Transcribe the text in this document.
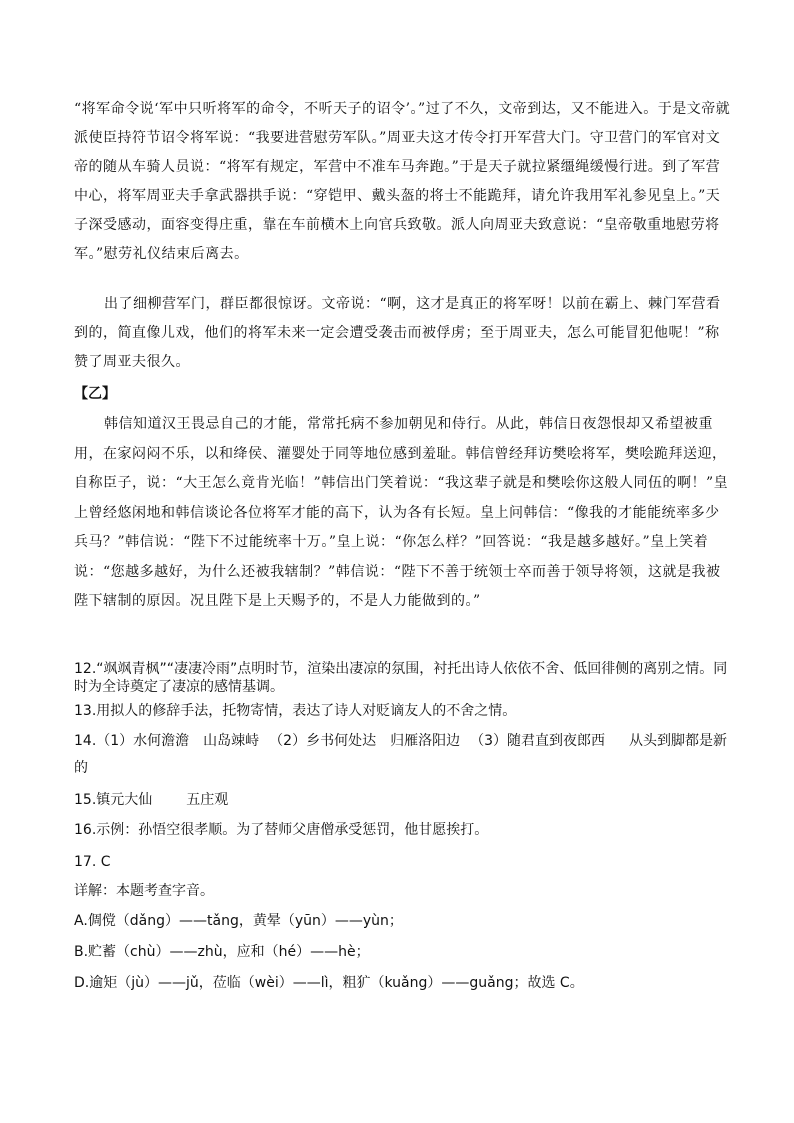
“将军命令说‘军中只听将军的命令，不听天子的诏令’。”过了不久，文帝到达，又不能进入。于是文帝就派使臣持符节诏令将军说：“我要进营慰劳军队。”周亚夫这才传令打开军营大门。守卫营门的军官对文帝的随从车骑人员说：“将军有规定，军营中不准车马奔跑。”于是天子就拉紧缰绳缓慢行进。到了军营中心，将军周亚夫手拿武器拱手说：“穿铠甲、戴头盔的将士不能跪拜，请允许我用军礼参见皇上。”天子深受感动，面容变得庄重，靠在车前横木上向官兵致敬。派人向周亚夫致意说：“皇帝敬重地慰劳将军。”慰劳礼仪结束后离去。

出了细柳营军门，群臣都很惊讶。文帝说：“啊，这才是真正的将军呀！以前在霸上、棘门军营看到的，简直像儿戏，他们的将军未来一定会遭受袭击而被俘虏；至于周亚夫，怎么可能冒犯他呢！”称赞了周亚夫很久。

【乙】

韩信知道汉王畏忌自己的才能，常常托病不参加朝见和侍行。从此，韩信日夜怨恨却又希望被重用，在家闷闷不乐，以和绛侯、灌婴处于同等地位感到羞耻。韩信曾经拜访樊哙将军，樊哙跪拜送迎，自称臣子，说：“大王怎么竟肯光临！”韩信出门笑着说：“我这辈子就是和樊哙你这般人同伍的啊！”皇上曾经悠闲地和韩信谈论各位将军才能的高下，认为各有长短。皇上问韩信：“像我的才能能统率多少兵马？”韩信说：“陛下不过能统率十万。”皇上说：“你怎么样？”回答说：“我是越多越好。”皇上笑着说：“您越多越好，为什么还被我辖制？”韩信说：“陛下不善于统领士卒而善于领导将领，这就是我被陛下辖制的原因。况且陛下是上天赐予的，不是人力能做到的。”

12.“飒飒青枫”“凄凄冷雨”点明时节，渲染出凄凉的氛围，衬托出诗人依依不舍、低回徘侧的离别之情。同时为全诗奠定了凄凉的感情基调。

13.用拟人的修辞手法，托物寄情，表达了诗人对贬谪友人的不舍之情。

14.（1）水何澹澹 山岛竦峙 （2）乡书何处达 归雁洛阳边 （3）随君直到夜郎西 从头到脚都是新的

15.镇元大仙 五庄观

16.示例：孙悟空很孝顺。为了替师父唐僧承受惩罚，他甘愿挨打。

17. C

详解：本题考查字音。

A.倜傥（dǎng）——tǎng，黄晕（yūn）——yùn；

B.贮蓄（chù）——zhù，应和（hé）——hè；

D.逾矩（jù）——jǔ，莅临（wèi）——lì，粗犷（kuǎng）——guǎng；故选 C。
